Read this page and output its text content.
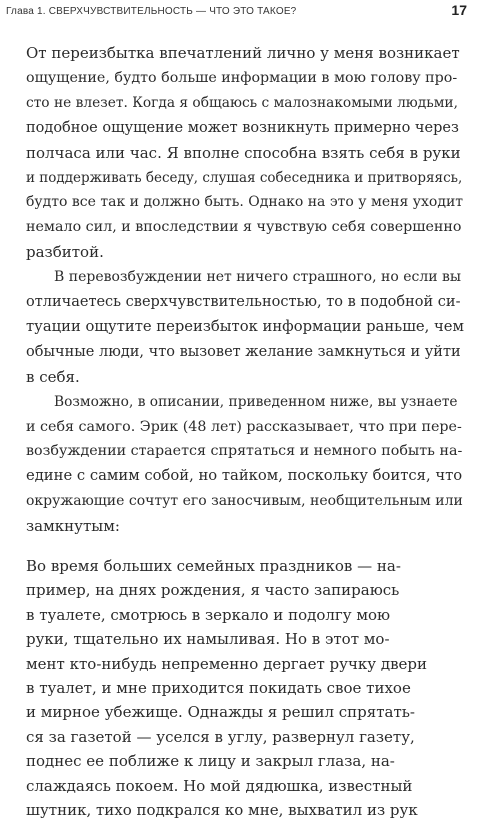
Глава 1. СВЕРХЧУВСТВИТЕЛЬНОСТЬ — ЧТО ЭТО ТАКОЕ?	17
От переизбытка впечатлений лично у меня возникает
ощущение, будто больше информации в мою голову про-
сто не влезет. Когда я общаюсь с малознакомыми людьми,
подобное ощущение может возникнуть примерно через
полчаса или час. Я вполне способна взять себя в руки
и поддерживать беседу, слушая собеседника и притворяясь,
будто все так и должно быть. Однако на это у меня уходит
немало сил, и впоследствии я чувствую себя совершенно
разбитой.
В перевозбуждении нет ничего страшного, но если вы
отличаетесь сверхчувствительностью, то в подобной си-
туации ощутите переизбыток информации раньше, чем
обычные люди, что вызовет желание замкнуться и уйти
в себя.
Возможно, в описании, приведенном ниже, вы узнаете
и себя самого. Эрик (48 лет) рассказывает, что при пере-
возбуждении старается спрятаться и немного побыть на-
едине с самим собой, но тайком, поскольку боится, что
окружающие сочтут его заносчивым, необщительным или
замкнутым:
Во время больших семейных праздников — на-
пример, на днях рождения, я часто запираюсь
в туалете, смотрюсь в зеркало и подолгу мою
руки, тщательно их намыливая. Но в этот мо-
мент кто-нибудь непременно дергает ручку двери
в туалет, и мне приходится покидать свое тихое
и мирное убежище. Однажды я решил спрятать-
ся за газетой — уселся в углу, развернул газету,
поднес ее поближе к лицу и закрыл глаза, на-
слаждаясь покоем. Но мой дядюшка, известный
шутник, тихо подкрался ко мне, выхватил из рук
